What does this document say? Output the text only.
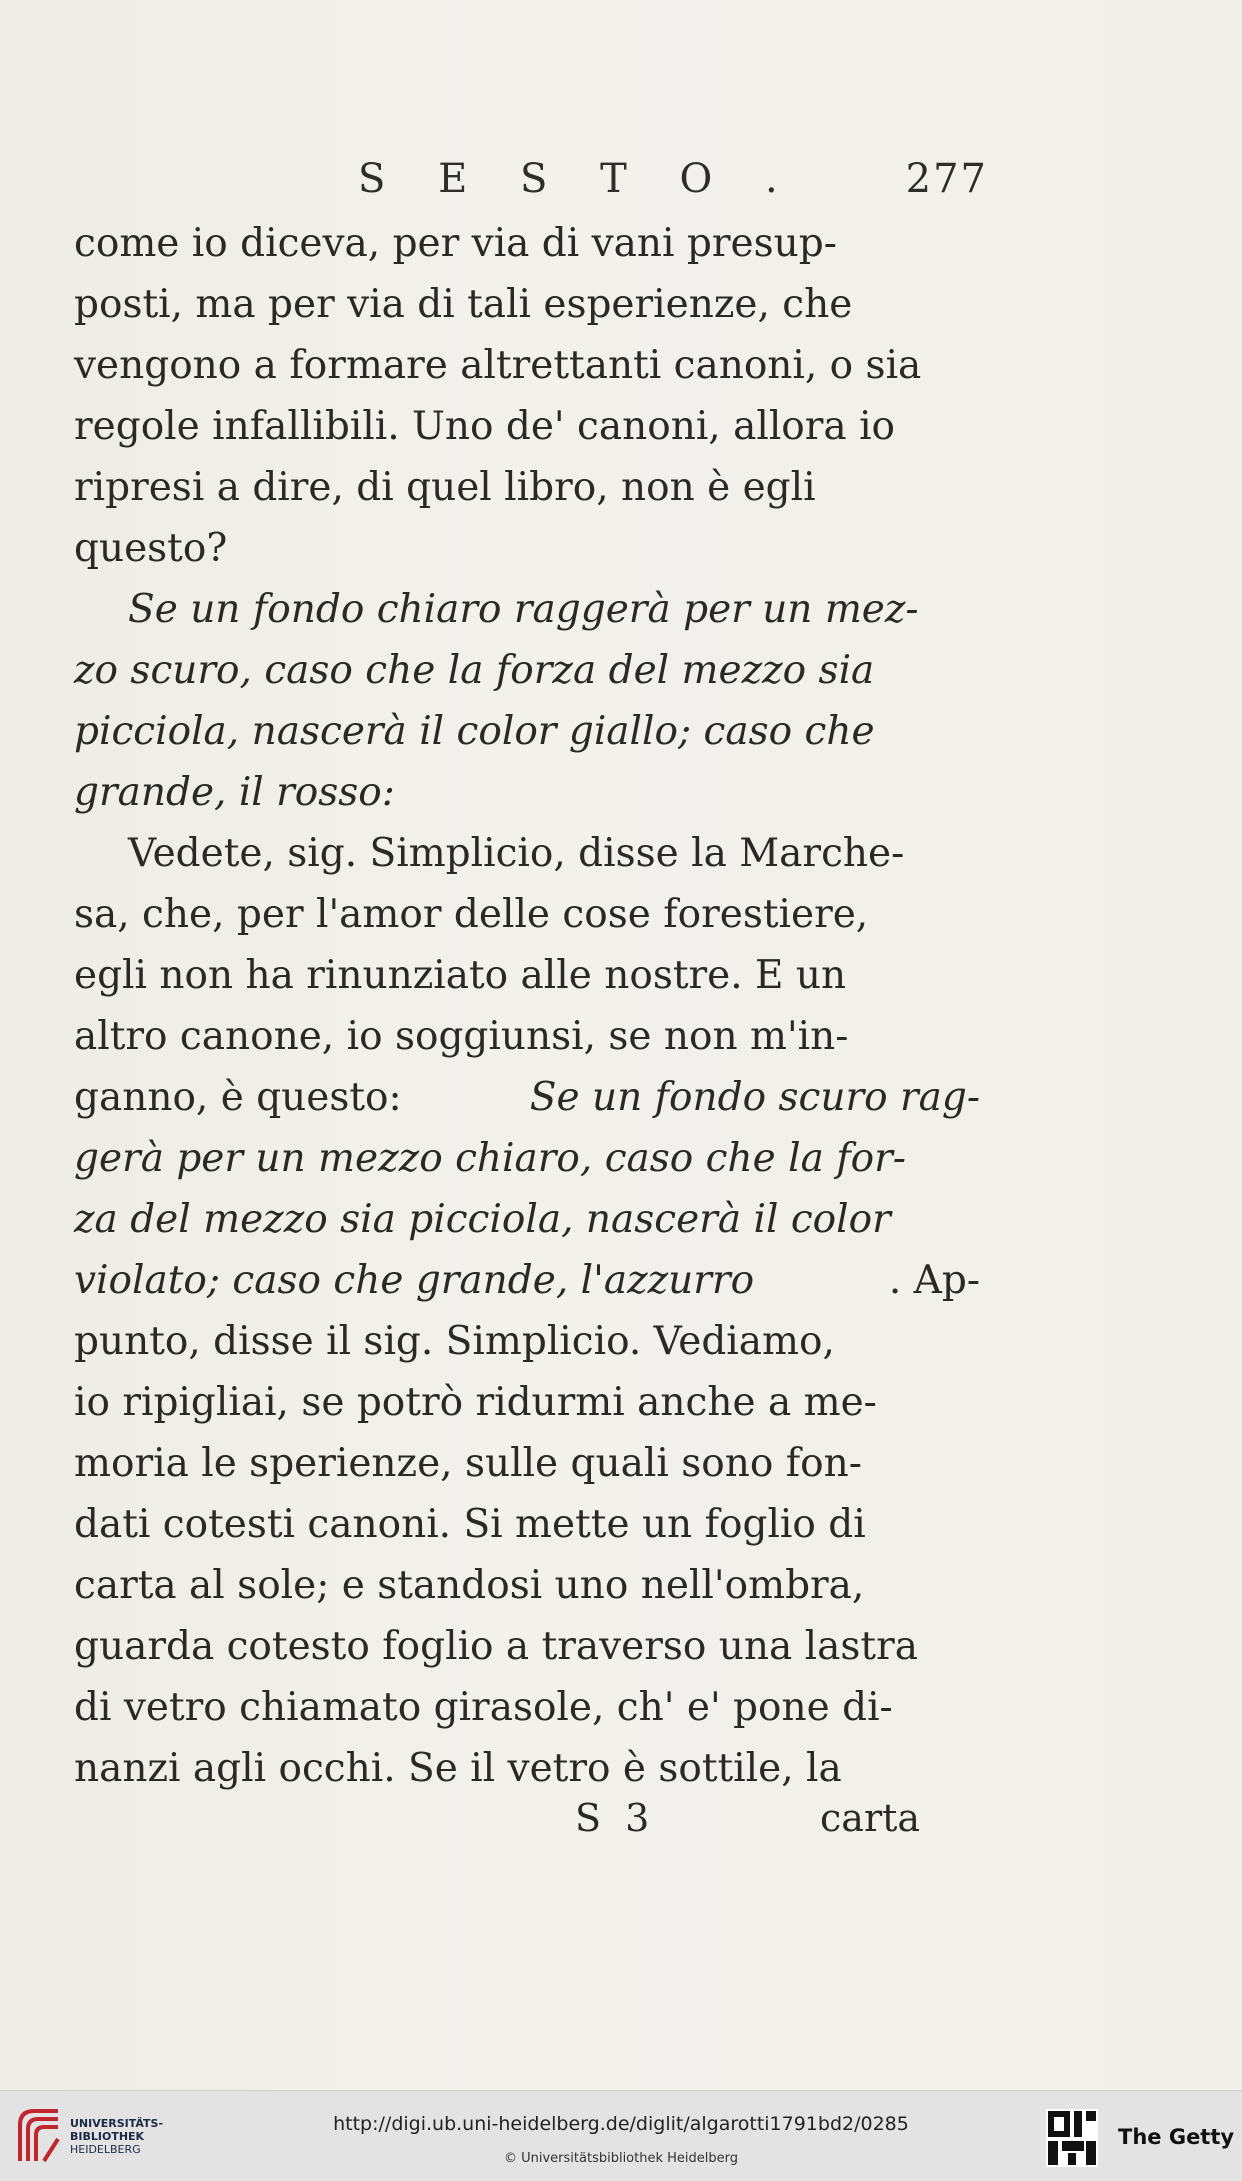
S E S T O .	277
come io diceva, per via di vani presup-
posti, ma per via di tali esperienze, che
vengono a formare altrettanti canoni, o sia
regole infallibili. Uno de' canoni, allora io
ripresi a dire, di quel libro, non è egli
questo?
Se un fondo chiaro raggerà per un mez-
zo scuro, caso che la forza del mezzo sia
picciola, nascerà il color giallo; caso che
grande, il rosso:
Vedete, sig. Simplicio, disse la Marche-
sa, che, per l'amor delle cose forestiere,
egli non ha rinunziato alle nostre. E un
altro canone, io soggiunsi, se non m'in-
ganno, è questo:	Se un fondo scuro rag-
gerà per un mezzo chiaro, caso che la for-
za del mezzo sia picciola, nascerà il color
violato; caso che grande, l'azzurro	. Ap-
punto, disse il sig. Simplicio. Vediamo,
io ripigliai, se potrò ridurmi anche a me-
moria le sperienze, sulle quali sono fon-
dati cotesti canoni. Si mette un foglio di
carta al sole; e standosi uno nell'ombra,
guarda cotesto foglio a traverso una lastra
di vetro chiamato girasole, ch' e' pone di-
nanzi agli occhi. Se il vetro è sottile, la
S 3	carta
UNIVERSITÄTS-
BIBLIOTHEK
HEIDELBERG
http://digi.ub.uni-heidelberg.de/diglit/algarotti1791bd2/0285
© Universitätsbibliothek Heidelberg
The Getty
